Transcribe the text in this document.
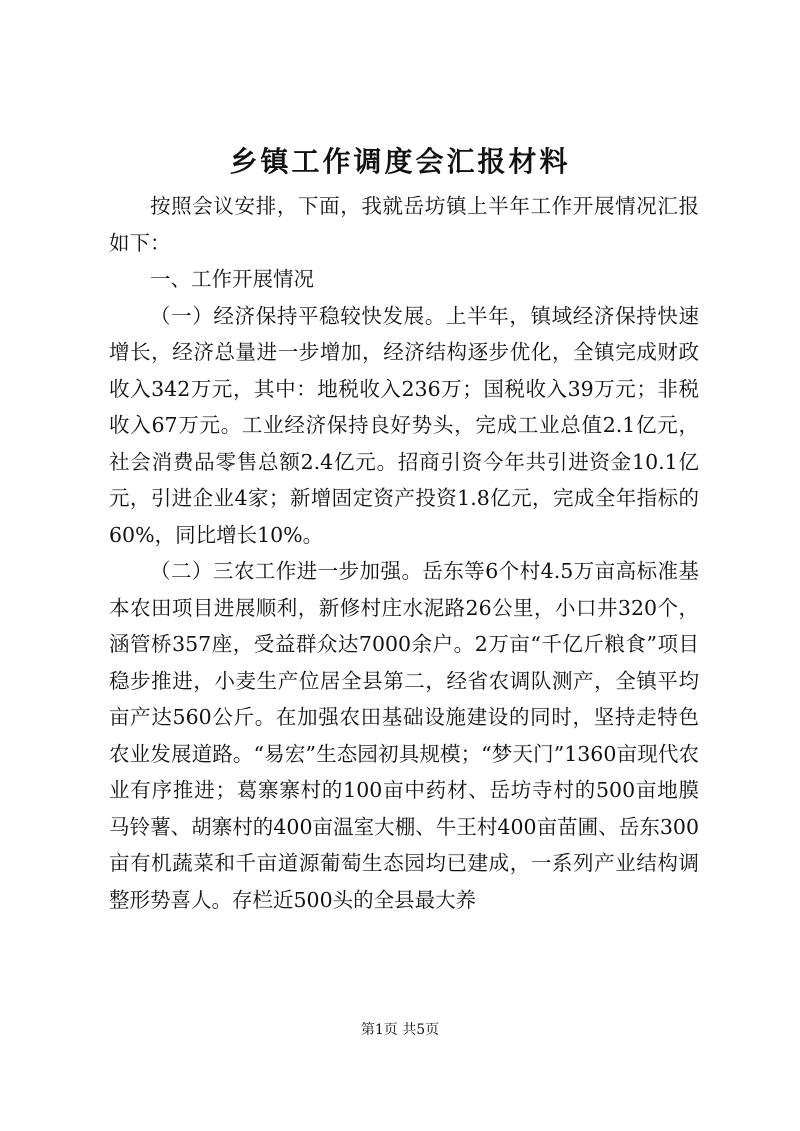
乡镇工作调度会汇报材料

按照会议安排，下面，我就岳坊镇上半年工作开展情况汇报如下：

一、工作开展情况

（一）经济保持平稳较快发展。上半年，镇域经济保持快速增长，经济总量进一步增加，经济结构逐步优化，全镇完成财政收入342万元，其中：地税收入236万；国税收入39万元；非税收入67万元。工业经济保持良好势头，完成工业总值2.1亿元，社会消费品零售总额2.4亿元。招商引资今年共引进资金10.1亿元，引进企业4家；新增固定资产投资1.8亿元，完成全年指标的60%，同比增长10%。

（二）三农工作进一步加强。岳东等6个村4.5万亩高标准基本农田项目进展顺利，新修村庄水泥路26公里，小口井320个，涵管桥357座，受益群众达7000余户。2万亩“千亿斤粮食”项目稳步推进，小麦生产位居全县第二，经省农调队测产，全镇平均亩产达560公斤。在加强农田基础设施建设的同时，坚持走特色农业发展道路。“易宏”生态园初具规模；“梦天门”1360亩现代农业有序推进；葛寨寨村的100亩中药材、岳坊寺村的500亩地膜马铃薯、胡寨村的400亩温室大棚、牛王村400亩苗圃、岳东300亩有机蔬菜和千亩道源葡萄生态园均已建成，一系列产业结构调整形势喜人。存栏近500头的全县最大养

第1页 共5页
